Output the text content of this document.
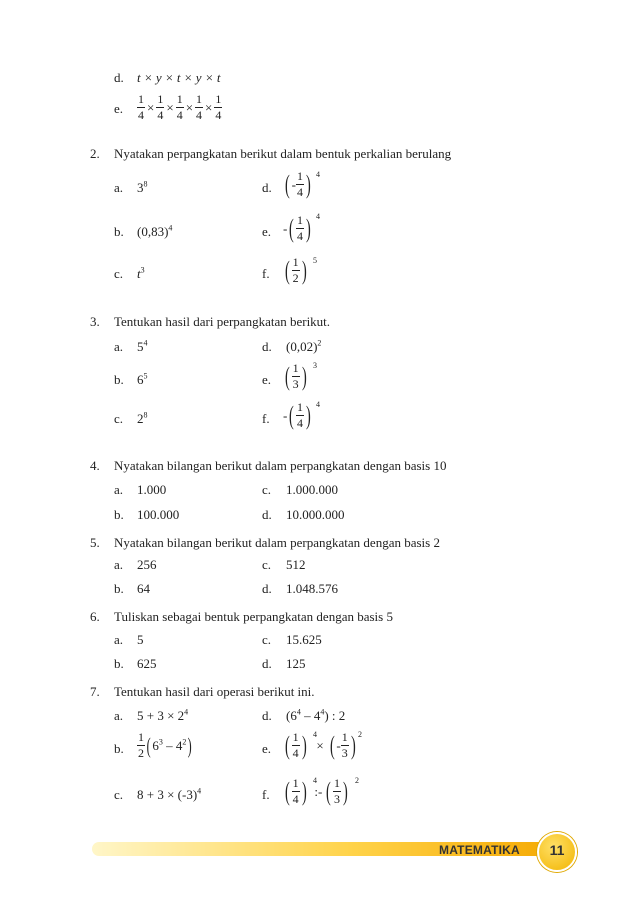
d. t × y × t × y × t
e. $\frac{1}{4} \times \frac{1}{4} \times \frac{1}{4} \times \frac{1}{4} \times \frac{1}{4}$
2. Nyatakan perpangkatan berikut dalam bentuk perkalian berulang
a. $3^8$
b. $(0,83)^4$
c. $t^3$
d. ( - $\frac{1}{4}$ ) 4
e. - ( $\frac{1}{4}$ ) 4
f. ( $\frac{1}{2}$ ) 5
3. Tentukan hasil dari perpangkatan berikut.
a. $5^4$
b. $6^5$
c. $2^8$
d. $(0,02)^2$
e. ( $\frac{1}{3}$ ) 3
f. - ( $\frac{1}{4}$ ) 4
4. Nyatakan bilangan berikut dalam perpangkatan dengan basis 10
a. 1.000
b. 100.000
c. 1.000.000
d. 10.000.000
5. Nyatakan bilangan berikut dalam perpangkatan dengan basis 2
a. 256
b. 64
c. 512
d. 1.048.576
6. Tuliskan sebagai bentuk perpangkatan dengan basis 5
a. 5
b. 625
c. 15.625
d. 125
7. Tentukan hasil dari operasi berikut ini.
a. $5 + 3 \times 2^4$
b. $\frac{1}{2}$ ( $6^3 - 4^2$ )
c. $8 + 3 \times (-3)^4$
d. $(6^4 - 4^4)$ : 2
e. ( $\frac{1}{4}$ ) × ( - $\frac{1}{3}$ )
4	2
f. ( $\frac{1}{4}$ ) :- ( $\frac{1}{3}$ )
4	2
MATEMATIKA	11
